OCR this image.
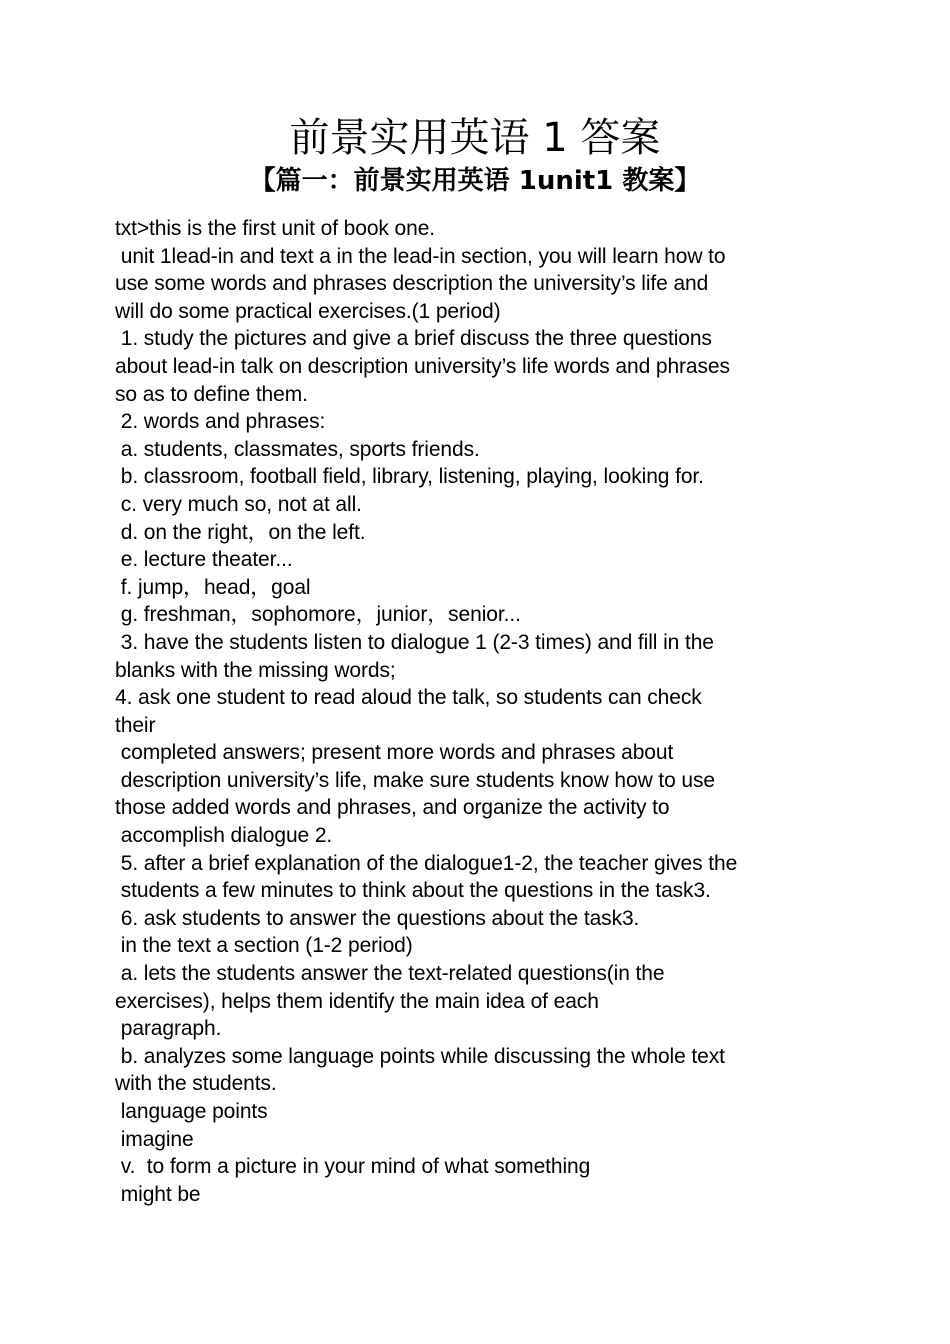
前景实用英语 1 答案
【篇一：前景实用英语 1unit1 教案】
txt>this is the first unit of book one.
unit 1lead-in and text a in the lead-in section, you will learn how to
use some words and phrases description the university’s life and
will do some practical exercises.(1 period)
1. study the pictures and give a brief discuss the three questions
about lead-in talk on description university’s life words and phrases
so as to define them.
2. words and phrases:
a. students, classmates, sports friends.
b. classroom, football field, library, listening, playing, looking for.
c. very much so, not at all.
d. on the right，on the left.
e. lecture theater...
f. jump，head，goal
g. freshman，sophomore，junior，senior...
3. have the students listen to dialogue 1 (2-3 times) and fill in the
blanks with the missing words;
4. ask one student to read aloud the talk, so students can check
their
completed answers; present more words and phrases about
description university’s life, make sure students know how to use
those added words and phrases, and organize the activity to
accomplish dialogue 2.
5. after a brief explanation of the dialogue1-2, the teacher gives the
students a few minutes to think about the questions in the task3.
6. ask students to answer the questions about the task3.
in the text a section (1-2 period)
a. lets the students answer the text-related questions(in the
exercises), helps them identify the main idea of each
paragraph.
b. analyzes some language points while discussing the whole text
with the students.
language points
imagine
v.  to form a picture in your mind of what something
might be
